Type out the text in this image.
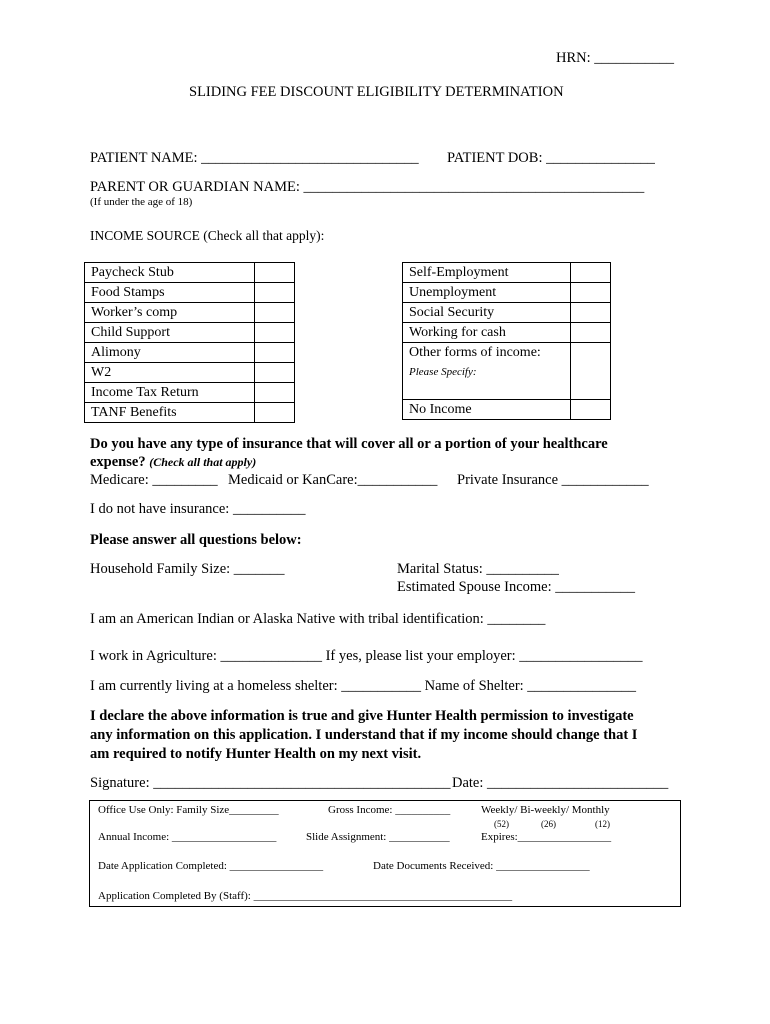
HRN: ___________
SLIDING FEE DISCOUNT ELIGIBILITY DETERMINATION
PATIENT NAME: ______________________________ PATIENT DOB: _______________
PARENT OR GUARDIAN NAME: _______________________________________________
(If under the age of 18)
INCOME SOURCE (Check all that apply):
Paycheck Stub	
Food Stamps	
Worker’s comp	
Child Support	
Alimony	
W2	
Income Tax Return	
TANF Benefits	
Self-Employment	
Unemployment	
Social Security	
Working for cash	
Other forms of income:
Please Specify:	
No Income	
Do you have any type of insurance that will cover all or a portion of your healthcare
expense? (Check all that apply)
Medicare: _________ Medicaid or KanCare:___________ Private Insurance ____________
I do not have insurance: __________
Please answer all questions below:
Household Family Size: _______	Marital Status: __________
Estimated Spouse Income: ___________
I am an American Indian or Alaska Native with tribal identification: ________
I work in Agriculture: ______________ If yes, please list your employer: _________________
I am currently living at a homeless shelter: ___________ Name of Shelter: _______________
I declare the above information is true and give Hunter Health permission to investigate
any information on this application. I understand that if my income should change that I
am required to notify Hunter Health on my next visit.
Signature: _________________________________________ Date: _________________________
Office Use Only: Family Size_________	Gross Income: __________	Weekly/ Bi-weekly/ Monthly
(52)	(26)	(12)
Annual Income: ___________________	Slide Assignment: ___________	Expires:_________________
Date Application Completed: _________________	Date Documents Received: _________________
Application Completed By (Staff): _______________________________________________
